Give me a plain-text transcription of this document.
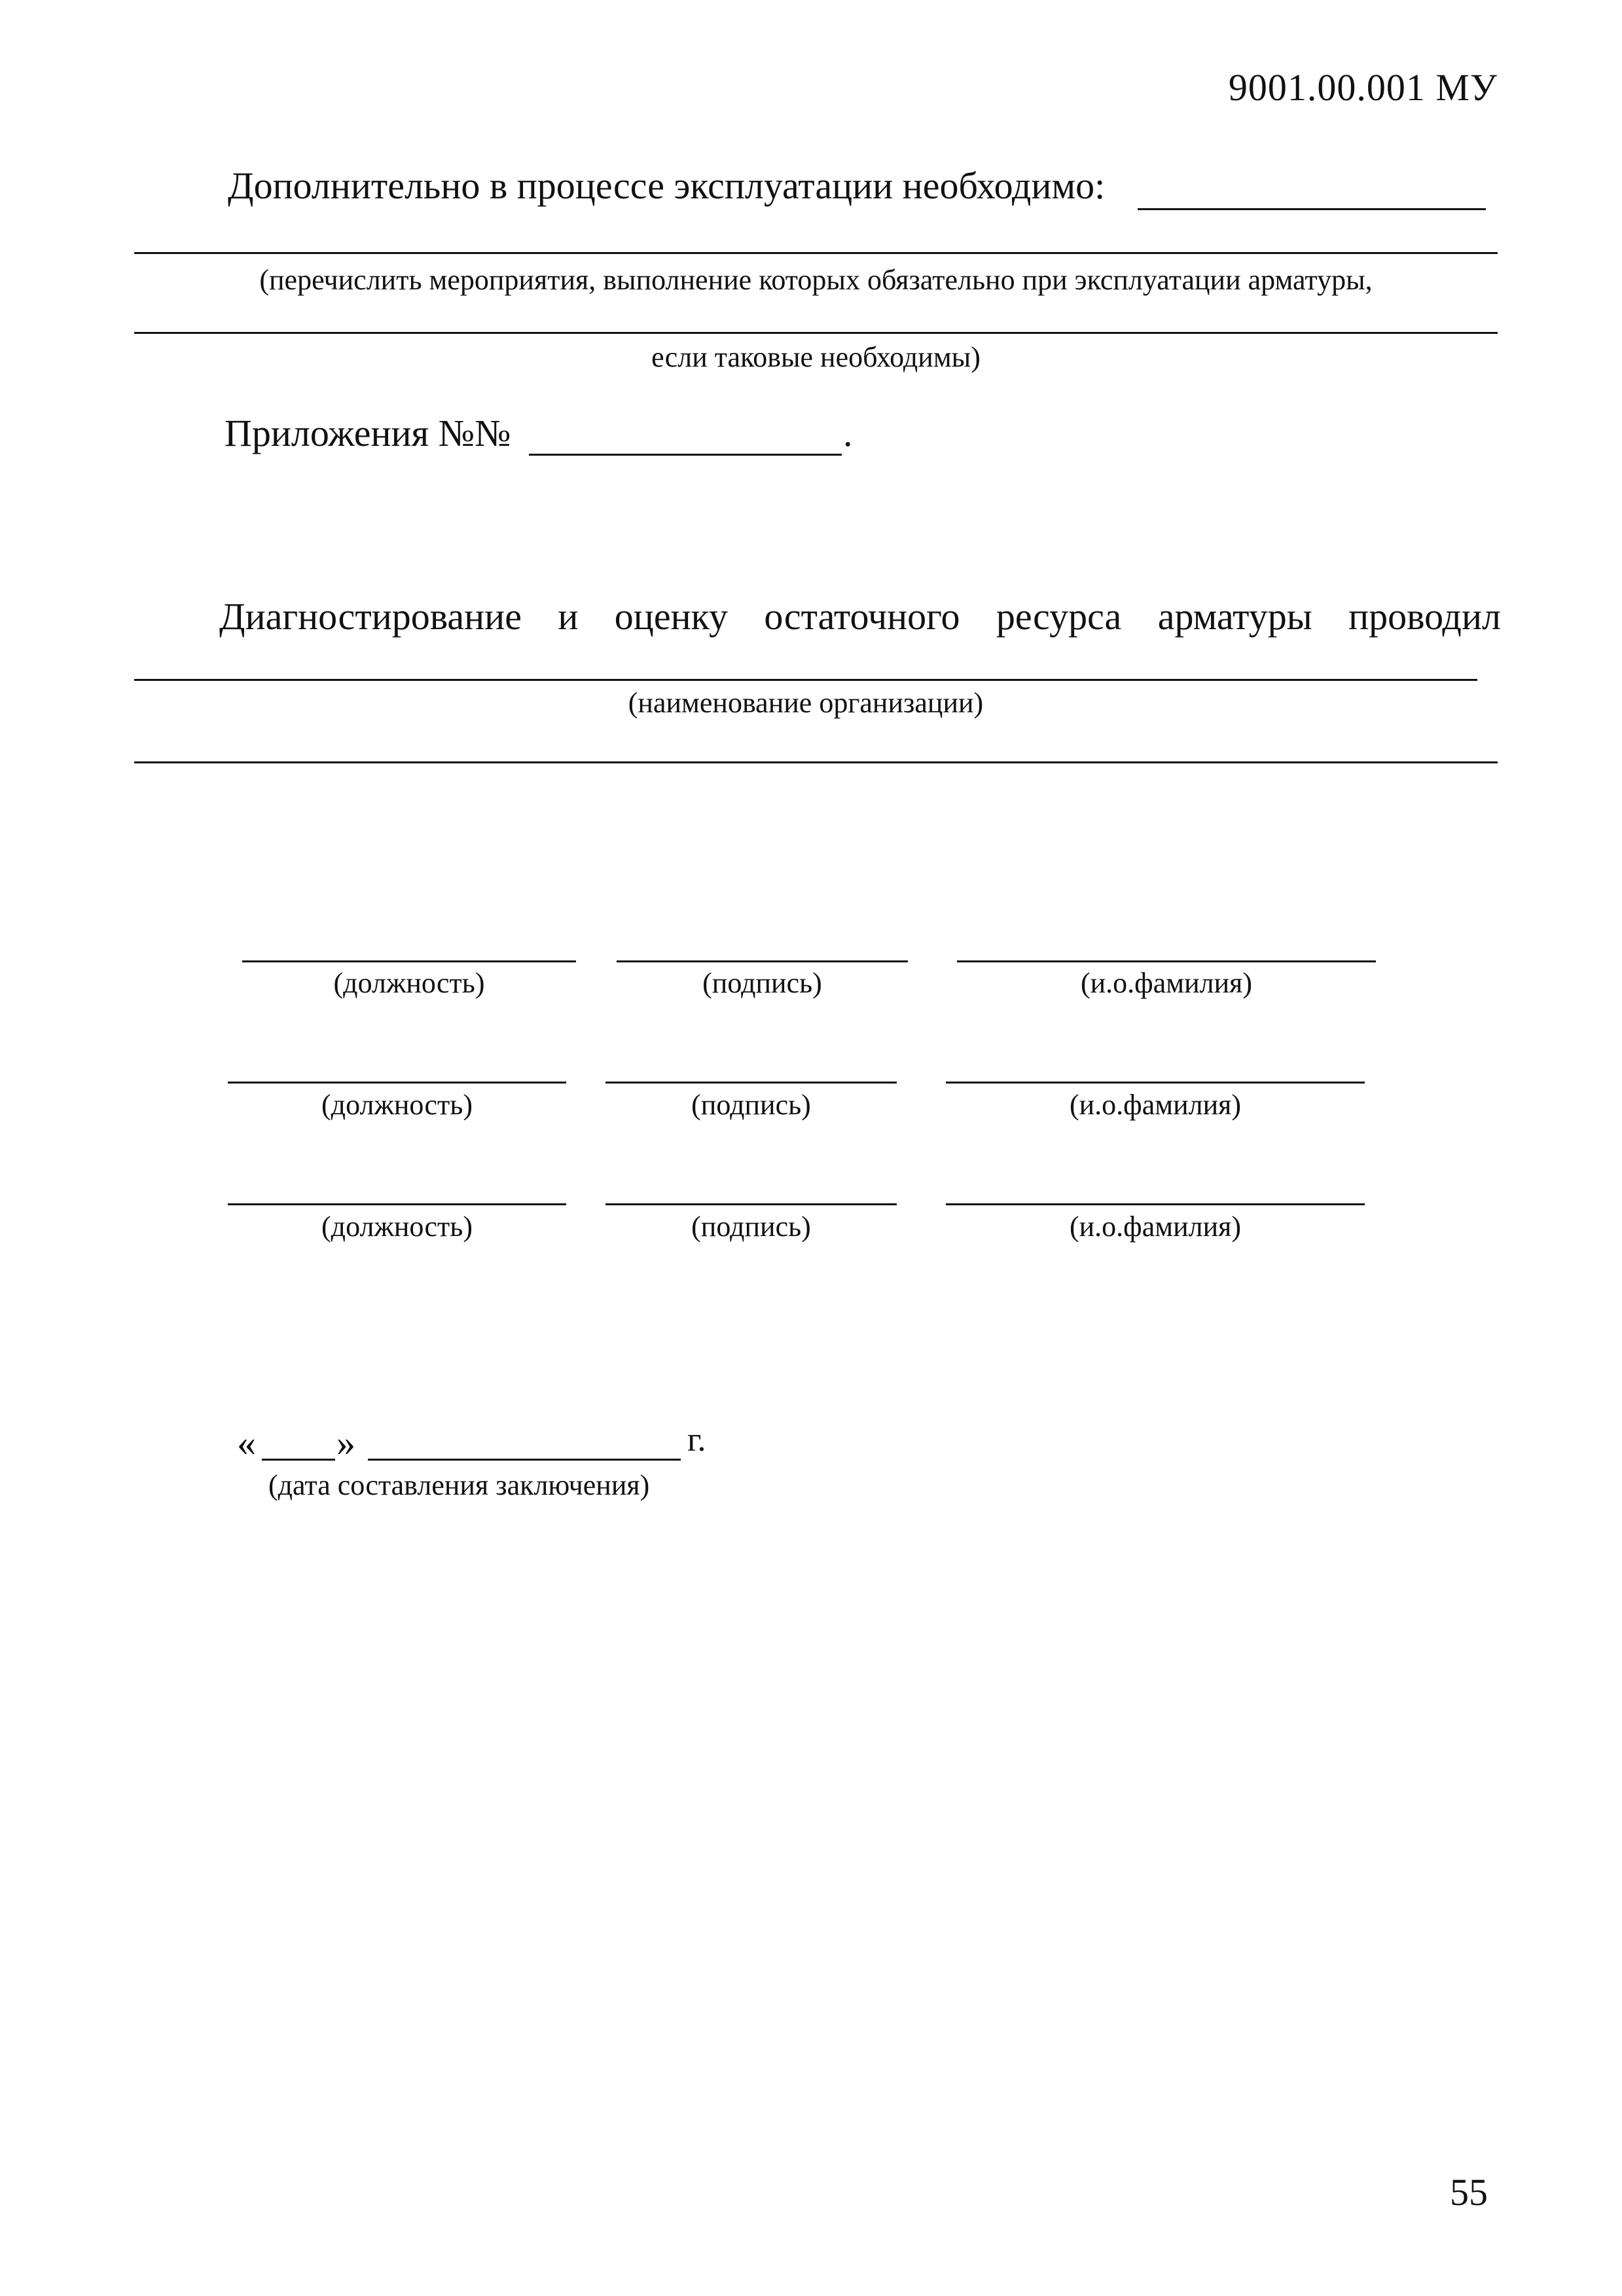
9001.00.001 МУ
Дополнительно в процессе эксплуатации необходимо:
(перечислить мероприятия, выполнение которых обязательно при эксплуатации арматуры,
если таковые необходимы)
Приложения №№	.
Диагностирование и оценку остаточного ресурса арматуры проводил
(наименование организации)
(должность)	(подпись)	(и.о.фамилия)
(должность)	(подпись)	(и.о.фамилия)
(должность)	(подпись)	(и.о.фамилия)
« »	г.
(дата составления заключения)
55
